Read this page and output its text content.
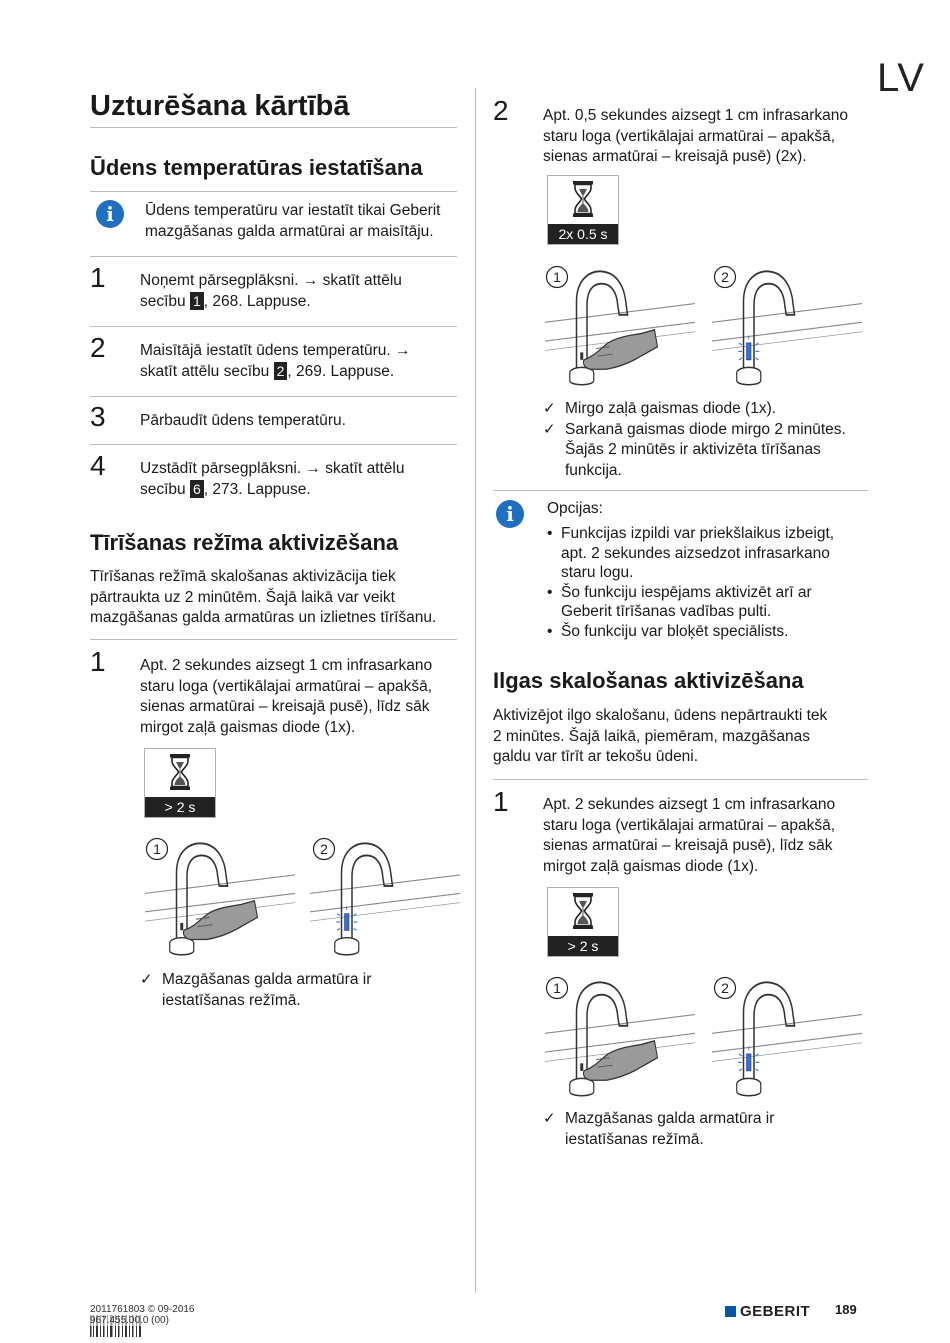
LV
Uzturēšana kārtībā
Ūdens temperatūras iestatīšana
i	Ūdens temperatūru var iestatīt tikai Geberit
mazgāšanas galda armatūrai ar maisītāju.
1 Noņemt pārsegplāksni. → skatīt attēlu
secību 1 , 268. Lappuse.
2 Maisītājā iestatīt ūdens temperatūru. →
skatīt attēlu secību 2 , 269. Lappuse.
3 Pārbaudīt ūdens temperatūru.
4 Uzstādīt pārsegplāksni. → skatīt attēlu
secību 6 , 273. Lappuse.
Tīrīšanas režīma aktivizēšana
Tīrīšanas režīmā skalošanas aktivizācija tiek
pārtraukta uz 2 minūtēm. Šajā laikā var veikt
mazgāšanas galda armatūras un izlietnes tīrīšanu.
1 Apt. 2 sekundes aizsegt 1 cm infrasarkano
staru loga (vertikālajai armatūrai – apakšā,
sienas armatūrai – kreisajā pusē), līdz sāk
mirgot zaļā gaismas diode (1x).
> 2 s
1	2
✓ Mazgāšanas galda armatūra ir
iestatīšanas režīmā.
2 Apt. 0,5 sekundes aizsegt 1 cm infrasarkano
staru loga (vertikālajai armatūrai – apakšā,
sienas armatūrai – kreisajā pusē) (2x).
2x 0.5 s
1	2
✓ Mirgo zaļā gaismas diode (1x).
✓ Sarkanā gaismas diode mirgo 2 minūtes.
Šajās 2 minūtēs ir aktivizēta tīrīšanas
funkcija.
i	Opcijas:
• Funkcijas izpildi var priekšlaikus izbeigt,
apt. 2 sekundes aizsedzot infrasarkano
staru logu.
• Šo funkciju iespējams aktivizēt arī ar
Geberit tīrīšanas vadības pulti.
• Šo funkciju var bloķēt speciālists.
Ilgas skalošanas aktivizēšana
Aktivizējot ilgo skalošanu, ūdens nepārtraukti tek
2 minūtes. Šajā laikā, piemēram, mazgāšanas
galdu var tīrīt ar tekošu ūdeni.
1 Apt. 2 sekundes aizsegt 1 cm infrasarkano
staru loga (vertikālajai armatūrai – apakšā,
sienas armatūrai – kreisajā pusē), līdz sāk
mirgot zaļā gaismas diode (1x).
> 2 s
1	2
✓ Mazgāšanas galda armatūra ir
iestatīšanas režīmā.
2011761803 © 09-2016
967.455.00.0 (00)
GEBERIT 189
